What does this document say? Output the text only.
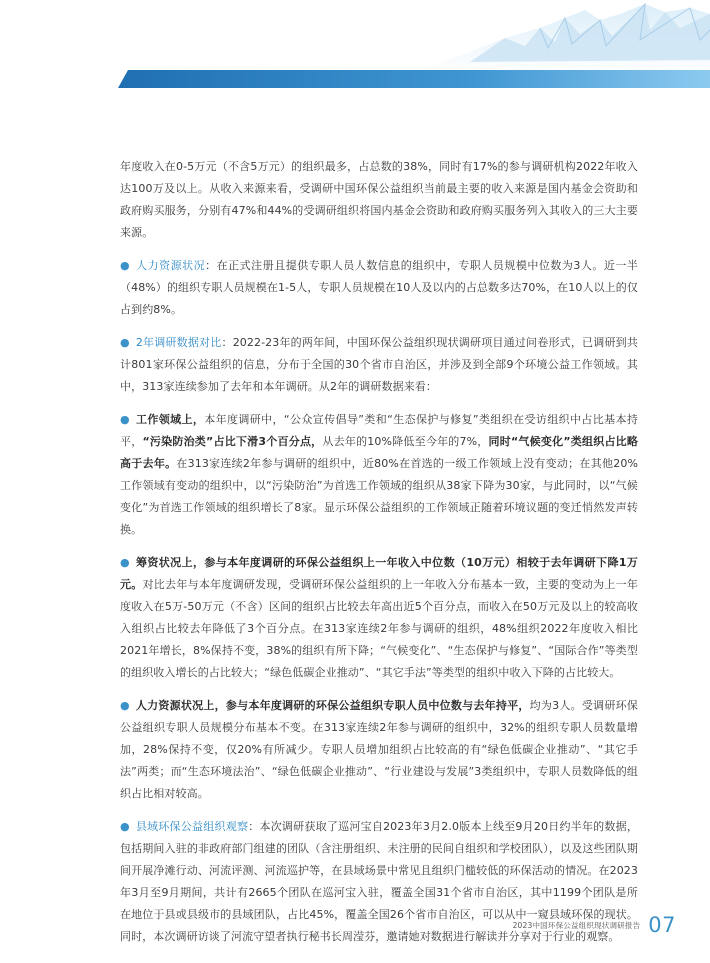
年度收入在0-5万元（不含5万元）的组织最多，占总数的38%，同时有17%的参与调研机构2022年收入达100万及以上。从收入来源来看，受调研中国环保公益组织当前最主要的收入来源是国内基金会资助和政府购买服务，分别有47%和44%的受调研组织将国内基金会资助和政府购买服务列入其收入的三大主要来源。

● 人力资源状况：在正式注册且提供专职人员人数信息的组织中，专职人员规模中位数为3人。近一半（48%）的组织专职人员规模在1-5人，专职人员规模在10人及以内的占总数多达70%，在10人以上的仅占到约8%。

● 2年调研数据对比：2022-23年的两年间，中国环保公益组织现状调研项目通过问卷形式，已调研到共计801家环保公益组织的信息，分布于全国的30个省市自治区，并涉及到全部9个环境公益工作领域。其中，313家连续参加了去年和本年调研。从2年的调研数据来看：

● 工作领域上，本年度调研中，“公众宣传倡导”类和“生态保护与修复”类组织在受访组织中占比基本持平，“污染防治类”占比下滑3个百分点，从去年的10%降低至今年的7%，同时“气候变化”类组织占比略高于去年。在313家连续2年参与调研的组织中，近80%在首选的一级工作领域上没有变动；在其他20%工作领域有变动的组织中，以“污染防治”为首选工作领域的组织从38家下降为30家，与此同时，以“气候变化”为首选工作领域的组织增长了8家。显示环保公益组织的工作领域正随着环境议题的变迁悄然发声转换。

● 筹资状况上，参与本年度调研的环保公益组织上一年收入中位数（10万元）相较于去年调研下降1万元。对比去年与本年度调研发现，受调研环保公益组织的上一年收入分布基本一致，主要的变动为上一年度收入在5万-50万元（不含）区间的组织占比较去年高出近5个百分点，而收入在50万元及以上的较高收入组织占比较去年降低了3个百分点。在313家连续2年参与调研的组织，48%组织2022年度收入相比2021年增长，8%保持不变，38%的组织有所下降；“气候变化”、“生态保护与修复”、“国际合作”等类型的组织收入增长的占比较大；“绿色低碳企业推动”、“其它手法”等类型的组织中收入下降的占比较大。

● 人力资源状况上，参与本年度调研的环保公益组织专职人员中位数与去年持平，均为3人。受调研环保公益组织专职人员规模分布基本不变。在313家连续2年参与调研的组织中，32%的组织专职人员数量增加，28%保持不变，仅20%有所减少。专职人员增加组织占比较高的有“绿色低碳企业推动”、“其它手法”两类；而“生态环境法治”、“绿色低碳企业推动”、“行业建设与发展”3类组织中，专职人员数降低的组织占比相对较高。

● 县域环保公益组织观察：本次调研获取了巡河宝自2023年3月2.0版本上线至9月20日约半年的数据，包括期间入驻的非政府部门组建的团队（含注册组织、未注册的民间自组织和学校团队），以及这些团队期间开展净滩行动、河流评测、河流巡护等，在县域场景中常见且组织门槛较低的环保活动的情况。在2023年3月至9月期间，共计有2665个团队在巡河宝入驻，覆盖全国31个省市自治区，其中1199个团队是所在地位于县或县级市的县域团队，占比45%，覆盖全国26个省市自治区，可以从中一窥县域环保的现状。同时，本次调研访谈了河流守望者执行秘书长周滢芬，邀请她对数据进行解读并分享对于行业的观察。

2023中国环保公益组织现状调研报告 07
